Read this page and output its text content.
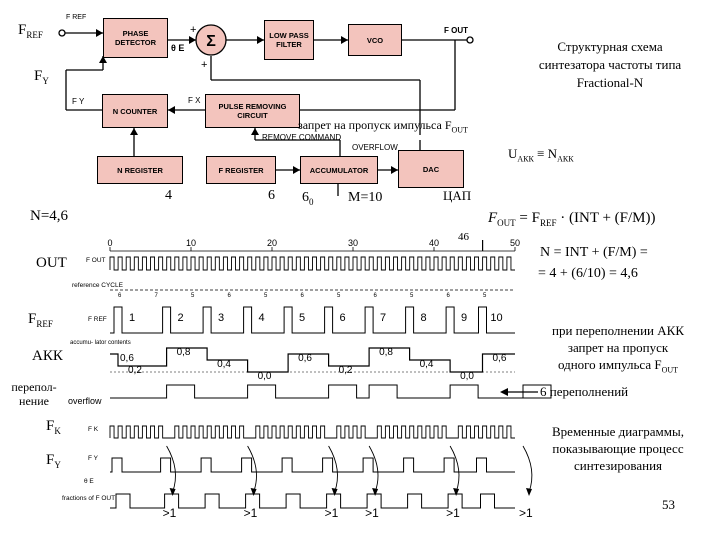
Σ
+
+
PHASE DETECTOR
LOW PASS FILTER	VCO
N COUNTER	PULSE REMOVING CIRCUIT
N REGISTER	F REGISTER	ACCUMULATOR	DAC
$F_{REF}$
F REF
$F_Y$
F Y	F X
θ E
F OUT
запрет на пропуск импульса $F_{OUT}$
REMOVE COMMAND
OVERFLOW	$U_{АКК} \equiv N_{АКК}$
4	6 $6_0$ M=10	ЦАП
N=4,6	$F_{OUT} = F_{REF} \cdot (INT + (F/M))$
46
N = INT + (F/M) =
= 4 + (6/10) = 4,6
Структурная схема
синтезатора частоты типа
Fractional-N
0	10	20	30	40	50
F OUT
reference CYCLE
6	7	5	6	5	6	5	6	5	6	5
F REF 1	2	3	4	5	6	7	8	9 10
accumu- lator contents
0,6
0,2
0,8
0,4
0,0
0,6
0,2
0,8
0,4
0,0
0,6
overflow
F K
F Y
θ E
fractions of F OUT
>1	>1	>1 >1	>1	>1
OUT
$F_{REF}$
АКК
перепол-
нение
$F_K$
$F_Y$
при переполнении АКК
запрет на пропуск
одного импульса $F_{OUT}$
6 переполнений
Временные диаграммы,
показывающие процесс
синтезирования
53
